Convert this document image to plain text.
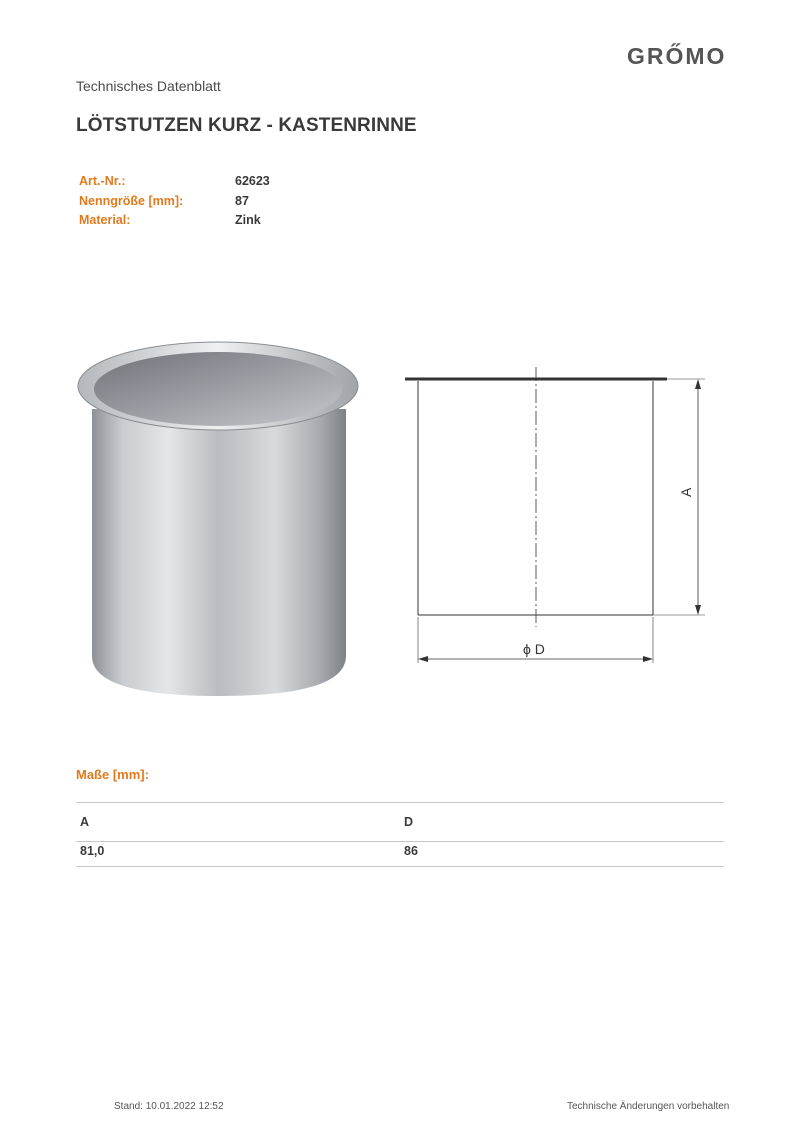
GRŐMO
Technisches Datenblatt
LÖTSTUTZEN KURZ - KASTENRINNE
Art.-Nr.:	62623
Nenngröße [mm]:	87
Material:	Zink
A
ϕ D
Maße [mm]:
A	D
81,0	86
Stand: 10.01.2022 12:52	Technische Änderungen vorbehalten
